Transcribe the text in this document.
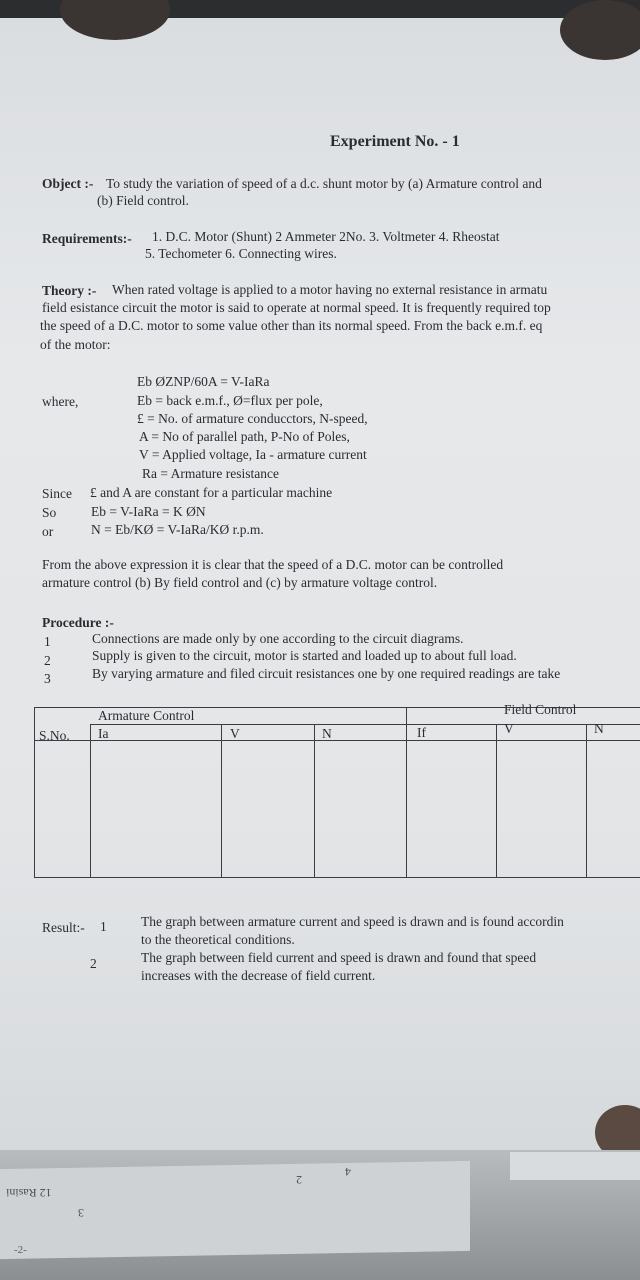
Experiment No. - 1
Object :- To study the variation of speed of a d.c. shunt motor by (a) Armature control and
(b) Field control.
Requirements:- 1. D.C. Motor (Shunt) 2 Ammeter 2No. 3. Voltmeter 4. Rheostat
5. Techometer 6. Connecting wires.
Theory :- When rated voltage is applied to a motor having no external resistance in armatu
field esistance circuit the motor is said to operate at normal speed. It is frequently required top
the speed of a D.C. motor to some value other than its normal speed. From the back e.m.f. eq
of the motor:
Eb ØZNP/60A = V-IaRa
where,	Eb = back e.m.f., Ø=flux per pole,
£ = No. of armature conducctors, N-speed,
A = No of parallel path, P-No of Poles,
V = Applied voltage, Ia - armature current
Ra = Armature resistance
Since £ and A are constant for a particular machine
So	Eb = V-IaRa = K ØN
or	N = Eb/KØ = V-IaRa/KØ r.p.m.
From the above expression it is clear that the speed of a D.C. motor can be controlled
armature control (b) By field control and (c) by armature voltage control.
Procedure :-
1	Connections are made only by one according to the circuit diagrams.
2	Supply is given to the circuit, motor is started and loaded up to about full load.
3	By varying armature and filed circuit resistances one by one required readings are take
Armature Control	Field Control
S.No. Ia	V	N	If	V	N
Result:- 1	The graph between armature current and speed is drawn and is found accordin
to the theoretical conditions.
2	The graph between field current and speed is drawn and found that speed
increases with the decrease of field current.
12 Rasini
3
-2-
2
4
